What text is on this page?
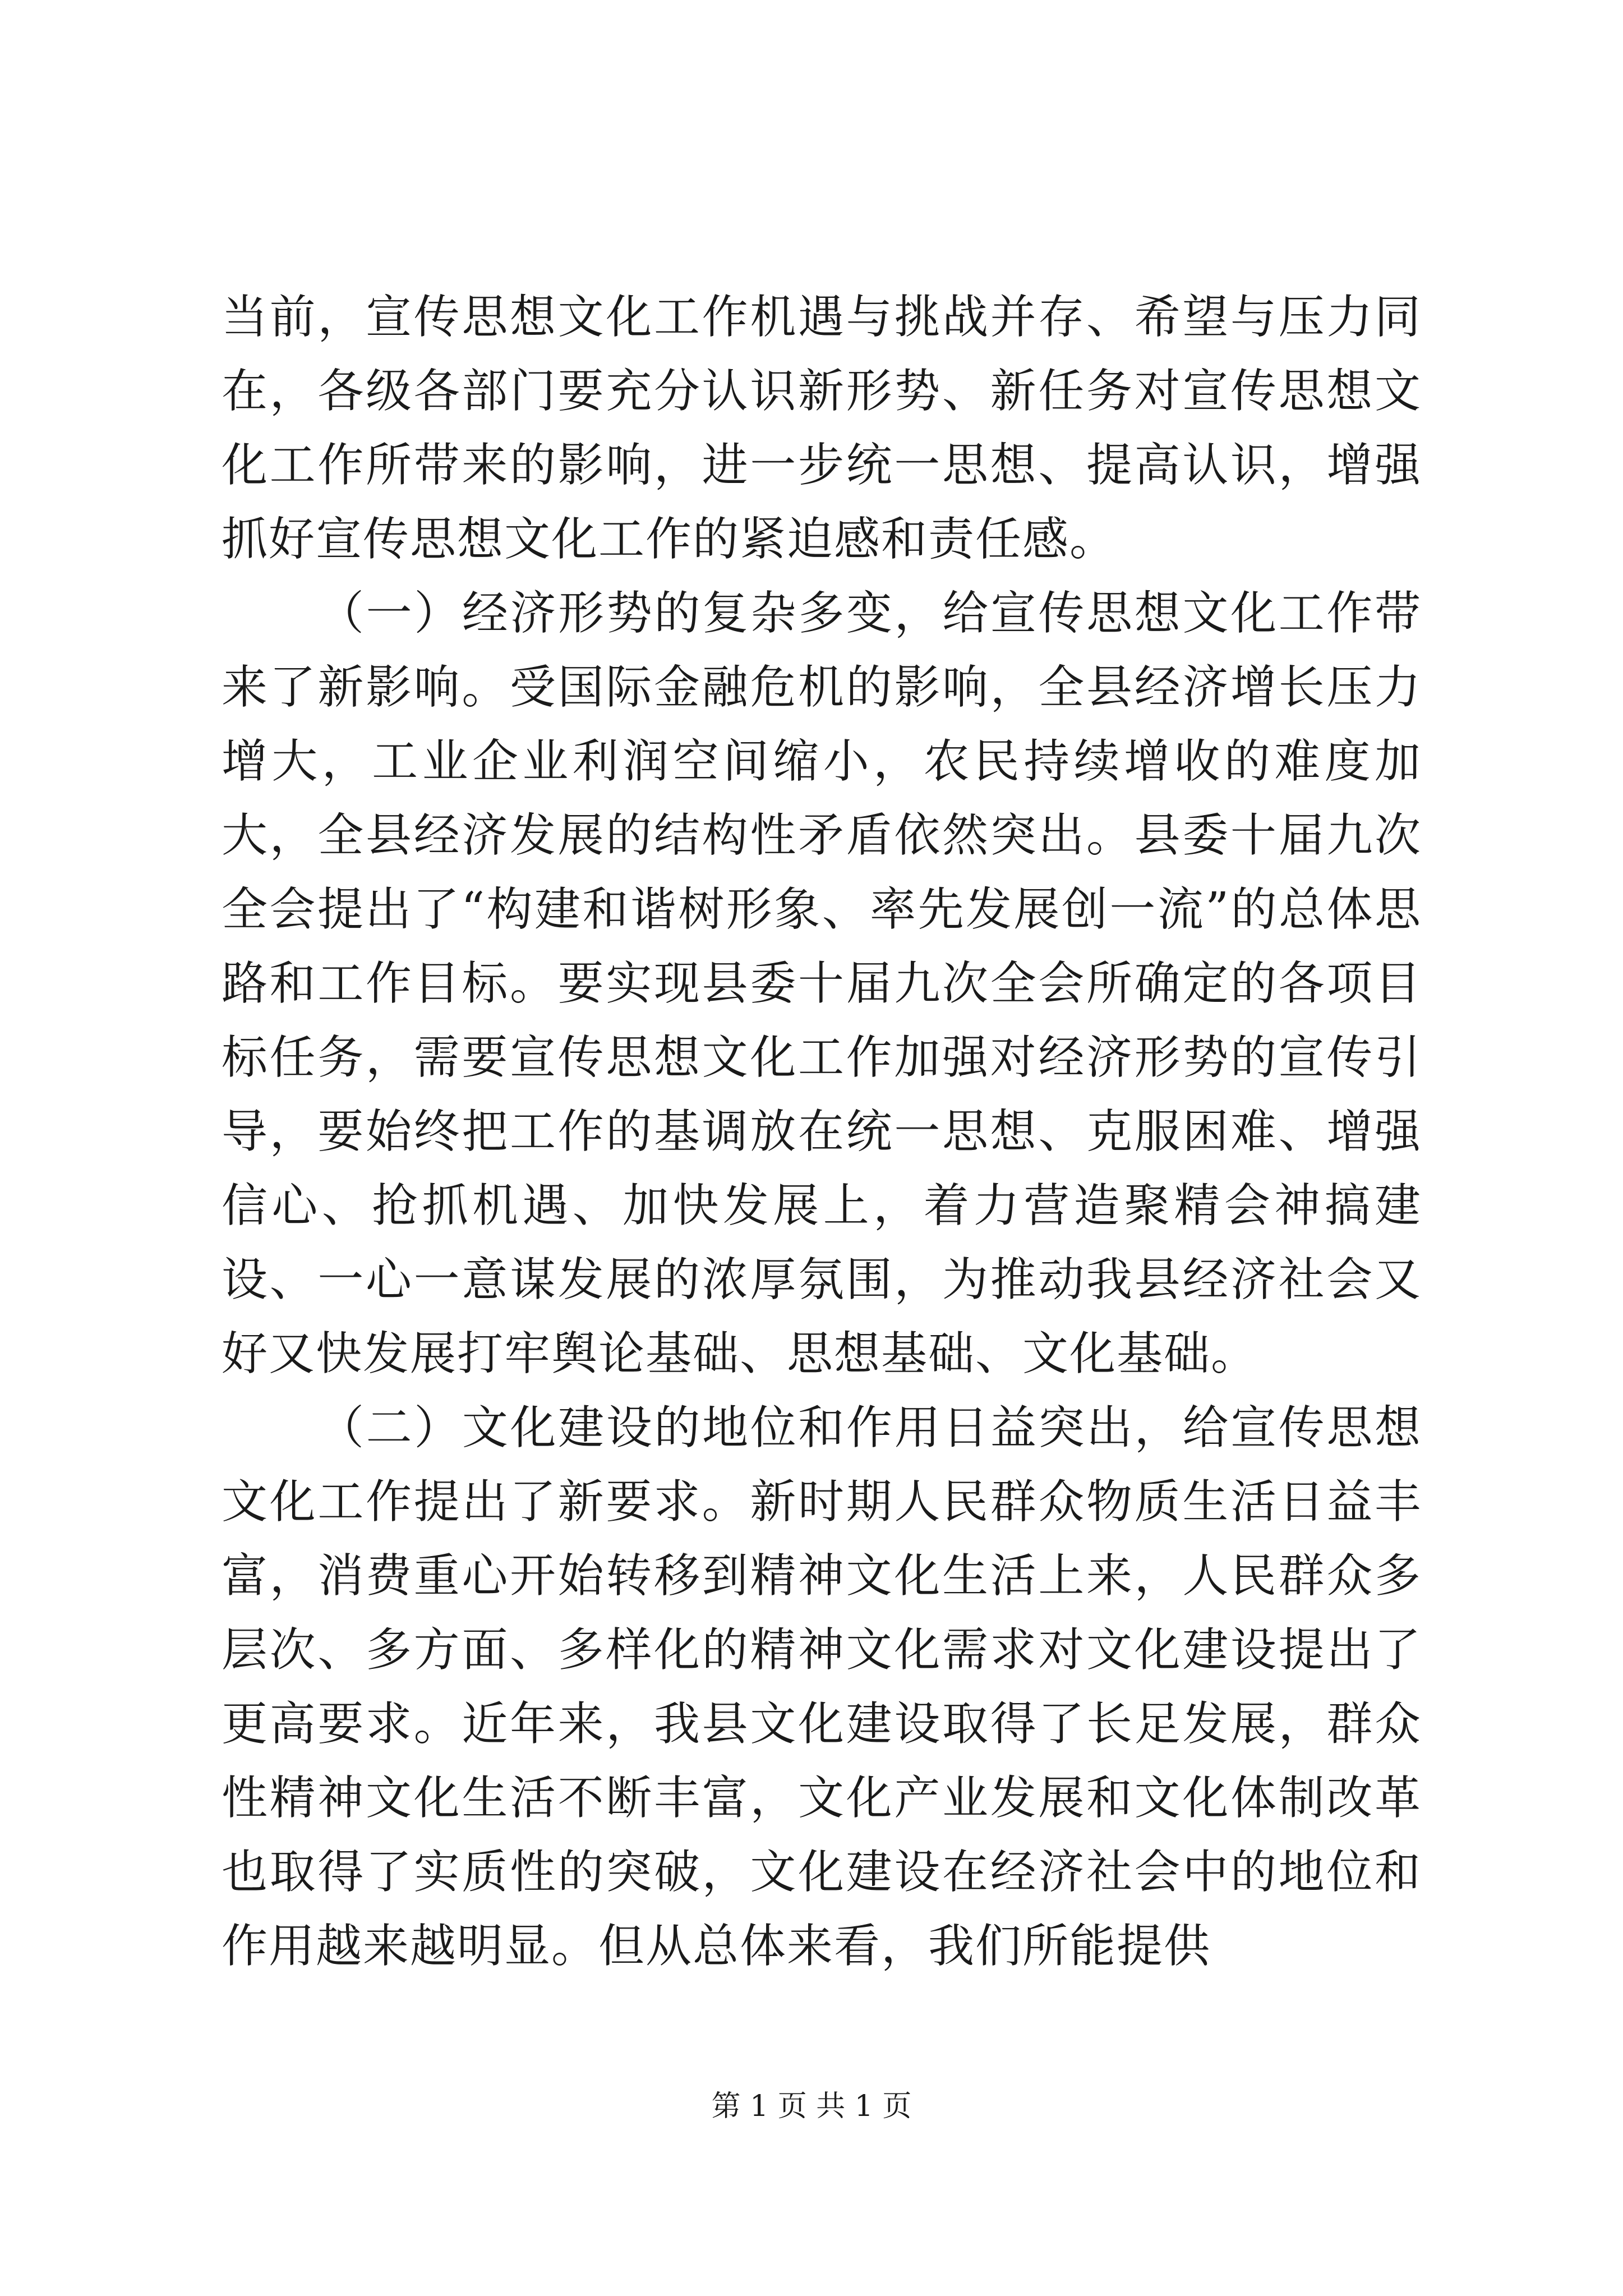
当前，宣传思想文化工作机遇与挑战并存、希望与压力同在，各级各部门要充分认识新形势、新任务对宣传思想文化工作所带来的影响，进一步统一思想、提高认识，增强抓好宣传思想文化工作的紧迫感和责任感。

（一）经济形势的复杂多变，给宣传思想文化工作带来了新影响。受国际金融危机的影响，全县经济增长压力增大，工业企业利润空间缩小，农民持续增收的难度加大，全县经济发展的结构性矛盾依然突出。县委十届九次全会提出了“构建和谐树形象、率先发展创一流”的总体思路和工作目标。要实现县委十届九次全会所确定的各项目标任务，需要宣传思想文化工作加强对经济形势的宣传引导，要始终把工作的基调放在统一思想、克服困难、增强信心、抢抓机遇、加快发展上，着力营造聚精会神搞建设、一心一意谋发展的浓厚氛围，为推动我县经济社会又好又快发展打牢舆论基础、思想基础、文化基础。

（二）文化建设的地位和作用日益突出，给宣传思想文化工作提出了新要求。新时期人民群众物质生活日益丰富，消费重心开始转移到精神文化生活上来，人民群众多层次、多方面、多样化的精神文化需求对文化建设提出了更高要求。近年来，我县文化建设取得了长足发展，群众性精神文化生活不断丰富，文化产业发展和文化体制改革也取得了实质性的突破，文化建设在经济社会中的地位和作用越来越明显。但从总体来看，我们所能提供

第 1 页 共 1 页
